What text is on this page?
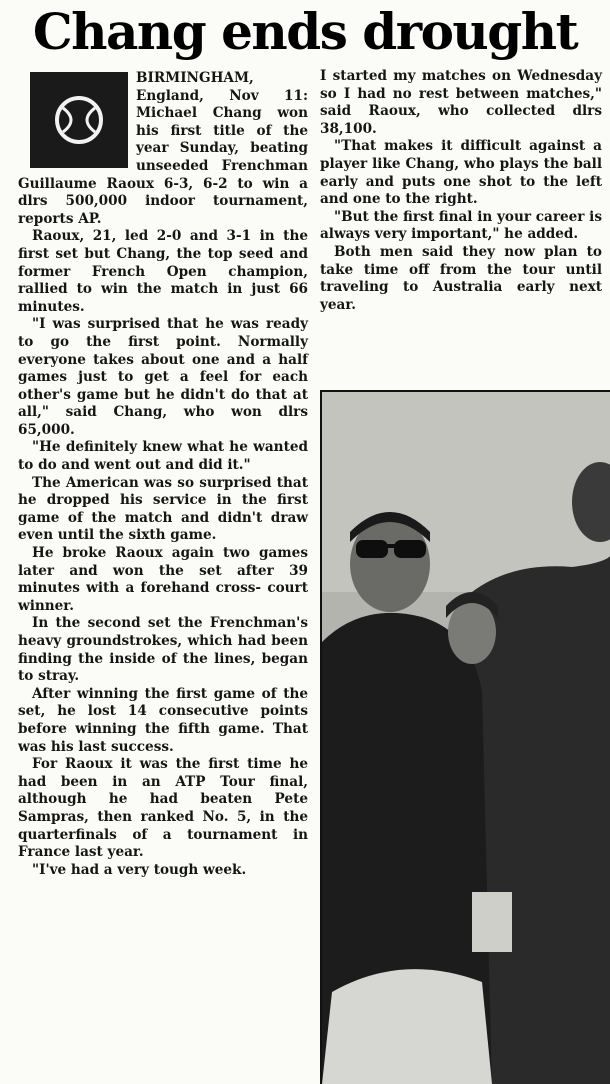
Chang ends drought

BIRMINGHAM, England, Nov 11: Michael Chang won his first title of the year Sunday, beating unseeded Frenchman Guillaume Raoux 6-3, 6-2 to win a dlrs 500,000 indoor tournament, reports AP.

Raoux, 21, led 2-0 and 3-1 in the first set but Chang, the top seed and former French Open champion, rallied to win the match in just 66 minutes.

"I was surprised that he was ready to go the first point. Normally everyone takes about one and a half games just to get a feel for each other's game but he didn't do that at all," said Chang, who won dlrs 65,000.

"He definitely knew what he wanted to do and went out and did it."

The American was so surprised that he dropped his service in the first game of the match and didn't draw even until the sixth game.

He broke Raoux again two games later and won the set after 39 minutes with a forehand cross- court winner.

In the second set the Frenchman's heavy groundstrokes, which had been finding the inside of the lines, began to stray.

After winning the first game of the set, he lost 14 consecutive points before winning the fifth game. That was his last success.

For Raoux it was the first time he had been in an ATP Tour final, although he had beaten Pete Sampras, then ranked No. 5, in the quarterfinals of a tournament in France last year.

"I've had a very tough week.

I started my matches on Wednesday so I had no rest between matches," said Raoux, who collected dlrs 38,100.

"That makes it difficult against a player like Chang, who plays the ball early and puts one shot to the left and one to the right.

"But the first final in your career is always very important," he added.

Both men said they now plan to take time off from the tour until traveling to Australia early next year.
